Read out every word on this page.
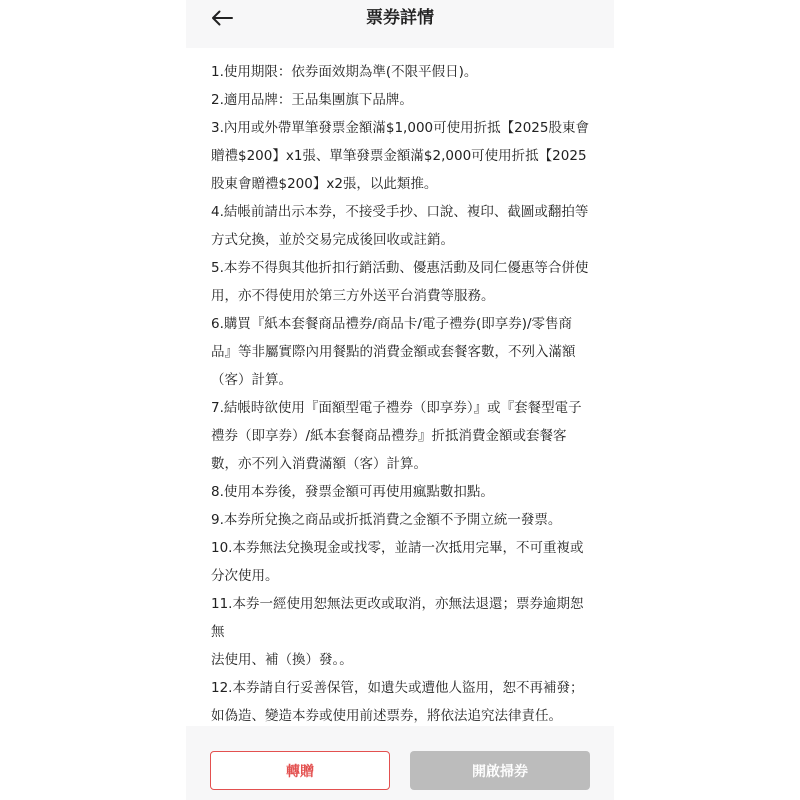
票券詳情
1.使用期限：依券面效期為準(不限平假日)。
2.適用品牌：王品集團旗下品牌。
3.內用或外帶單筆發票金額滿$1,000可使用折抵【2025股東會
贈禮$200】x1張、單筆發票金額滿$2,000可使用折抵【2025
股東會贈禮$200】x2張，以此類推。
4.結帳前請出示本券，不接受手抄、口說、複印、截圖或翻拍等
方式兌換，並於交易完成後回收或註銷。
5.本券不得與其他折扣行銷活動、優惠活動及同仁優惠等合併使
用，亦不得使用於第三方外送平台消費等服務。
6.購買『紙本套餐商品禮券/商品卡/電子禮券(即享券)/零售商
品』等非屬實際內用餐點的消費金額或套餐客數，不列入滿額
（客）計算。
7.結帳時欲使用『面額型電子禮券（即享券）』或『套餐型電子
禮券（即享券）/紙本套餐商品禮券』折抵消費金額或套餐客
數，亦不列入消費滿額（客）計算。
8.使用本券後，發票金額可再使用瘋點數扣點。
9.本券所兌換之商品或折抵消費之金額不予開立統一發票。
10.本券無法兌換現金或找零，並請一次抵用完畢，不可重複或
分次使用。
11.本券一經使用恕無法更改或取消，亦無法退還；票券逾期恕無
法使用、補（換）發。。
12.本券請自行妥善保管，如遺失或遭他人盜用，恕不再補發；
如偽造、變造本券或使用前述票券，將依法追究法律責任。
轉贈	開啟掃券
